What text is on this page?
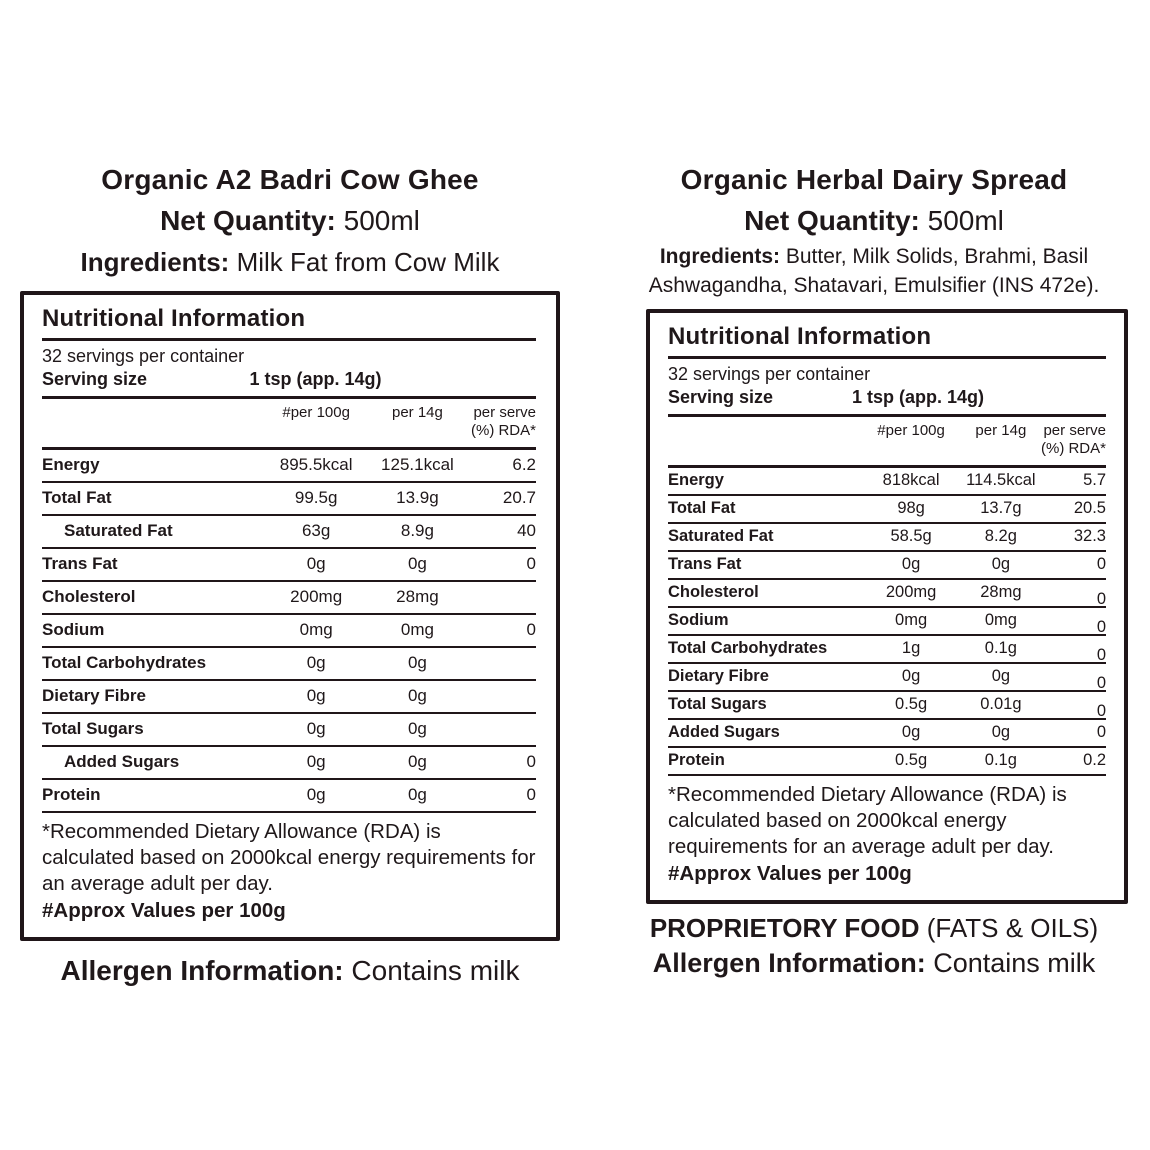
Organic A2 Badri Cow Ghee
Net Quantity: 500ml
Ingredients: Milk Fat from Cow Milk
Nutritional Information
32 servings per container
Serving size	1 tsp (app. 14g)
	#per 100g	per 14g	per serve
(%) RDA*

Energy	895.5kcal	125.1kcal	6.2
Total Fat	99.5g	13.9g	20.7
Saturated Fat	63g	8.9g	40
Trans Fat	0g	0g	0
Cholesterol	200mg	28mg	
Sodium	0mg	0mg	0
Total Carbohydrates	0g	0g	
Dietary Fibre	0g	0g	
Total Sugars	0g	0g	
Added Sugars	0g	0g	0
Protein	0g	0g	0
*Recommended Dietary Allowance (RDA) is calculated based on 2000kcal energy requirements for an average adult per day.
#Approx Values per 100g
Allergen Information: Contains milk
Organic Herbal Dairy Spread
Net Quantity: 500ml
Ingredients: Butter, Milk Solids, Brahmi, Basil
Ashwagandha, Shatavari, Emulsifier (INS 472e).
Nutritional Information
32 servings per container
Serving size	1 tsp (app. 14g)
	#per 100g	per 14g	per serve
(%) RDA*

Energy	818kcal	114.5kcal	5.7
Total Fat	98g	13.7g	20.5
Saturated Fat	58.5g	8.2g	32.3
Trans Fat	0g	0g	0
Cholesterol	200mg	28mg	0
Sodium	0mg	0mg	0
Total Carbohydrates	1g	0.1g	0
Dietary Fibre	0g	0g	0
Total Sugars	0.5g	0.01g	0
Added Sugars	0g	0g	0
Protein	0.5g	0.1g	0.2
*Recommended Dietary Allowance (RDA) is calculated based on 2000kcal energy requirements for an average adult per day.
#Approx Values per 100g
PROPRIETORY FOOD (FATS & OILS)
Allergen Information: Contains milk
